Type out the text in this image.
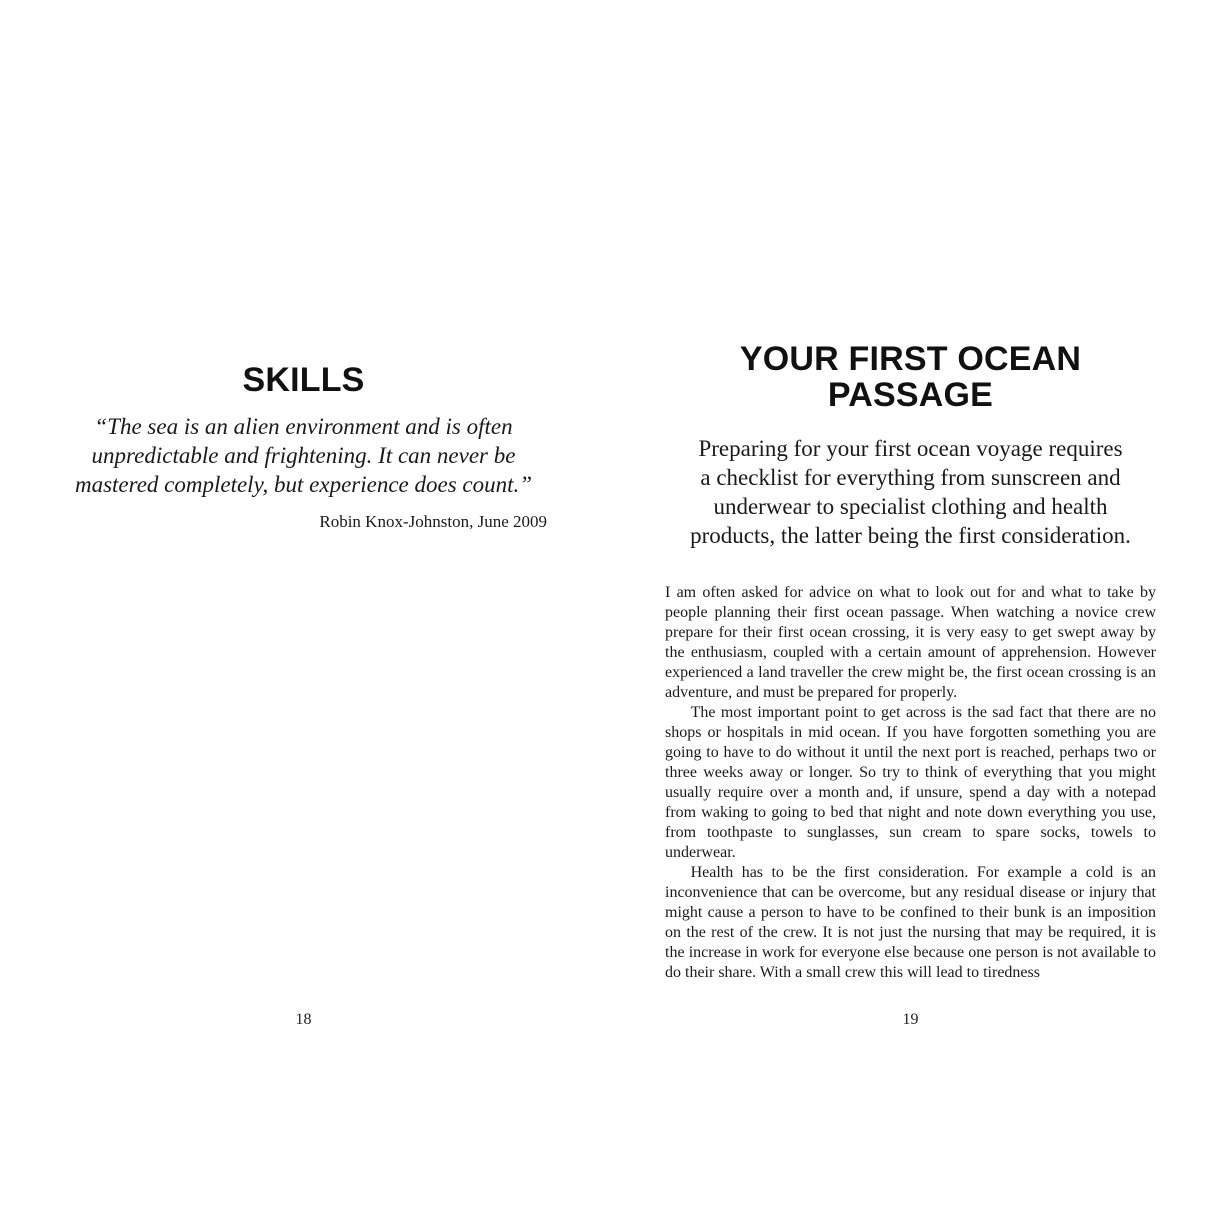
SKILLS
“The sea is an alien environment and is often
unpredictable and frightening. It can never be
mastered completely, but experience does count.”
Robin Knox-Johnston, June 2009
18
YOUR FIRST OCEAN
PASSAGE
Preparing for your first ocean voyage requires
a checklist for everything from sunscreen and
underwear to specialist clothing and health
products, the latter being the first consideration.

I am often asked for advice on what to look out for and what to take by people planning their first ocean passage. When watching a novice crew prepare for their first ocean crossing, it is very easy to get swept away by the enthusiasm, coupled with a certain amount of apprehension. However experienced a land traveller the crew might be, the first ocean crossing is an adventure, and must be prepared for properly.

The most important point to get across is the sad fact that there are no shops or hospitals in mid ocean. If you have forgotten something you are going to have to do without it until the next port is reached, perhaps two or three weeks away or longer. So try to think of everything that you might usually require over a month and, if unsure, spend a day with a notepad from waking to going to bed that night and note down everything you use, from toothpaste to sunglasses, sun cream to spare socks, towels to underwear.

Health has to be the first consideration. For example a cold is an inconvenience that can be overcome, but any residual disease or injury that might cause a person to have to be confined to their bunk is an imposition on the rest of the crew. It is not just the nursing that may be required, it is the increase in work for everyone else because one person is not available to do their share. With a small crew this will lead to tiredness

19
